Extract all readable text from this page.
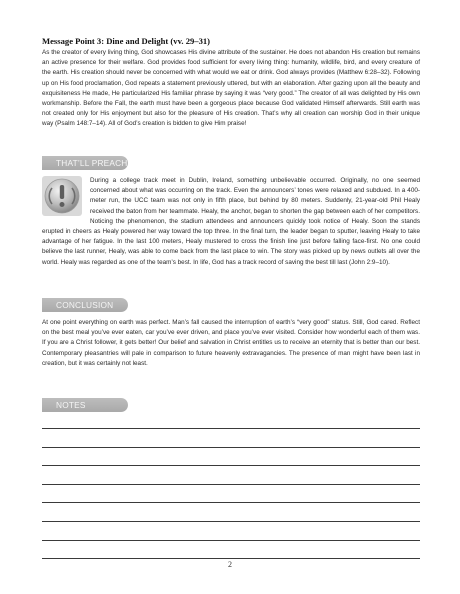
Message Point 3: Dine and Delight (vv. 29–31)

As the creator of every living thing, God showcases His divine attribute of the sustainer. He does not abandon His creation but remains an active presence for their welfare. God provides food sufficient for every living thing: humanity, wildlife, bird, and every creature of the earth. His creation should never be concerned with what would we eat or drink. God always provides (Matthew 6:28–32). Following up on His food proclamation, God repeats a statement previously uttered, but with an elaboration. After gazing upon all the beauty and exquisiteness He made, He particularized His familiar phrase by saying it was “very good.” The creator of all was delighted by His own workmanship. Before the Fall, the earth must have been a gorgeous place because God validated Himself afterwards. Still earth was not created only for His enjoyment but also for the pleasure of His creation. That’s why all creation can worship God in their unique way (Psalm 148:7–14). All of God’s creation is bidden to give Him praise!

THAT’LL PREACH

During a college track meet in Dublin, Ireland, something unbelievable occurred. Originally, no one seemed concerned about what was occurring on the track. Even the announcers’ tones were relaxed and subdued. In a 400-meter run, the UCC team was not only in fifth place, but behind by 80 meters. Suddenly, 21-year-old Phil Healy received the baton from her teammate. Healy, the anchor, began to shorten the gap between each of her competitors. Noticing the phenomenon, the stadium attendees and announcers quickly took notice of Healy. Soon the stands erupted in cheers as Healy powered her way toward the top three. In the final turn, the leader began to sputter, leaving Healy to take advantage of her fatigue. In the last 100 meters, Healy mustered to cross the finish line just before falling face-first. No one could believe the last runner, Healy, was able to come back from the last place to win. The story was picked up by news outlets all over the world. Healy was regarded as one of the team’s best. In life, God has a track record of saving the best till last (John 2:9–10).

CONCLUSION

At one point everything on earth was perfect. Man’s fall caused the interruption of earth’s “very good” status. Still, God cared. Reflect on the best meal you’ve ever eaten, car you’ve ever driven, and place you’ve ever visited. Consider how wonderful each of them was. If you are a Christ follower, it gets better! Our belief and salvation in Christ entitles us to receive an eternity that is better than our best. Contemporary pleasantries will pale in comparison to future heavenly extravagancies. The presence of man might have been last in creation, but it was certainly not least.

NOTES
2
